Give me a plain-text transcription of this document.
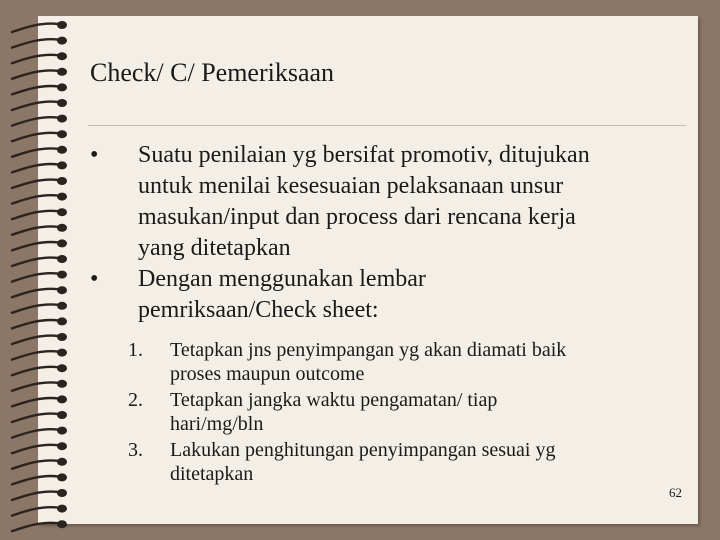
Check/ C/ Pemeriksaan
• Suatu penilaian yg bersifat promotiv, ditujukan
untuk menilai kesesuaian pelaksanaan unsur
masukan/input dan process dari rencana kerja
yang ditetapkan
• Dengan menggunakan lembar
pemriksaan/Check sheet:
1. Tetapkan jns penyimpangan yg akan diamati baik
proses maupun outcome
2. Tetapkan jangka waktu pengamatan/ tiap
hari/mg/bln
3. Lakukan penghitungan penyimpangan sesuai yg
ditetapkan
62
